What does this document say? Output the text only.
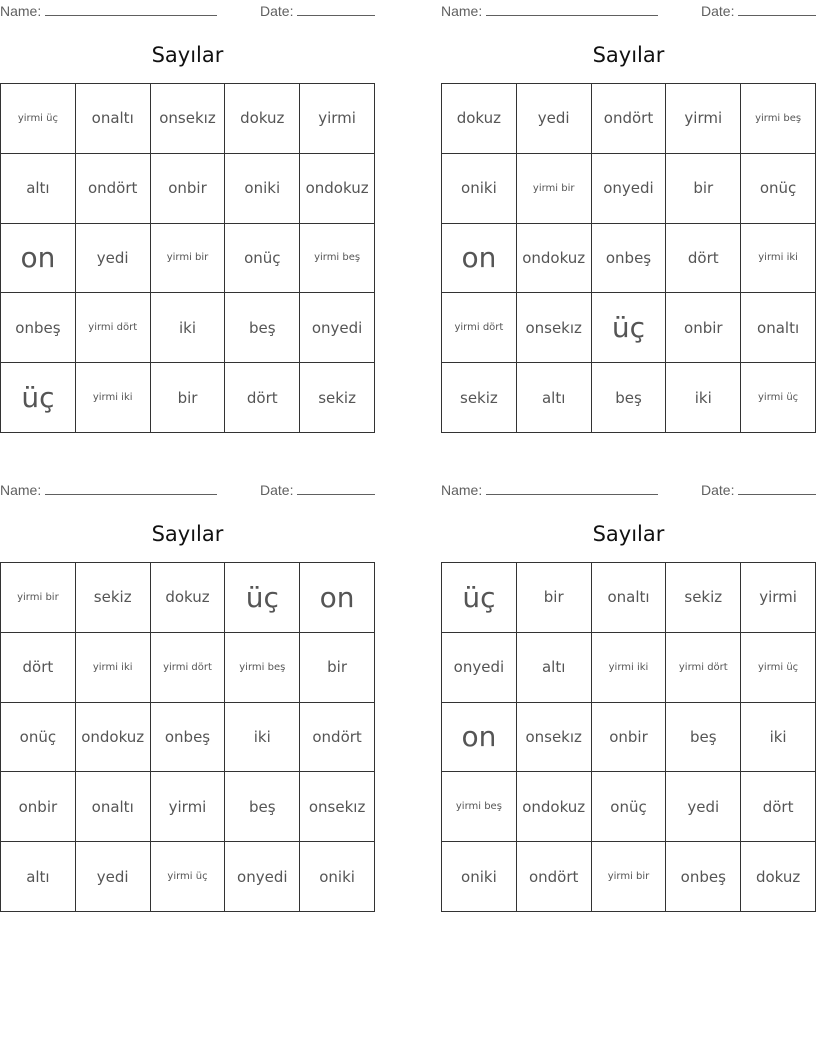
Name:	Date:
Sayılar
yirmi üç	onaltı	onsekız	dokuz	yirmi
altı	ondört	onbir	oniki	ondokuz
on	yedi	yirmi bir	onüç	yirmi beş
onbeş	yirmi dört	iki	beş	onyedi
üç	yirmi iki	bir	dört	sekiz
Name:	Date:
Sayılar
dokuz	yedi	ondört	yirmi	yirmi beş
oniki	yirmi bir	onyedi	bir	onüç
on	ondokuz	onbeş	dört	yirmi iki
yirmi dört	onsekız	üç	onbir	onaltı
sekiz	altı	beş	iki	yirmi üç
Name:	Date:
Sayılar
yirmi bir	sekiz	dokuz	üç	on
dört	yirmi iki	yirmi dört	yirmi beş	bir
onüç	ondokuz	onbeş	iki	ondört
onbir	onaltı	yirmi	beş	onsekız
altı	yedi	yirmi üç	onyedi	oniki
Name:	Date:
Sayılar
üç	bir	onaltı	sekiz	yirmi
onyedi	altı	yirmi iki	yirmi dört	yirmi üç
on	onsekız	onbir	beş	iki
yirmi beş	ondokuz	onüç	yedi	dört
oniki	ondört	yirmi bir	onbeş	dokuz
